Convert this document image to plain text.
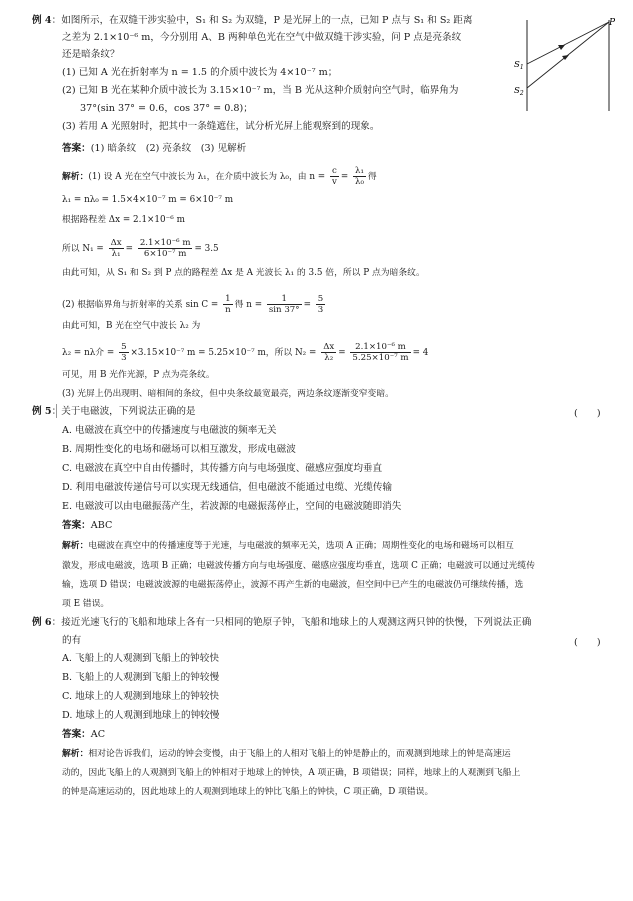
例 4：如图所示，在双缝干涉实验中，S₁ 和 S₂ 为双缝，P 是光屏上的一点，已知 P 点与 S₁ 和 S₂ 距离
之差为 2.1×10⁻⁶ m，今分别用 A、B 两种单色光在空气中做双缝干涉实验，问 P 点是亮条纹
还是暗条纹？
(1) 已知 A 光在折射率为 n = 1.5 的介质中波长为 4×10⁻⁷ m；
(2) 已知 B 光在某种介质中波长为 3.15×10⁻⁷ m，当 B 光从这种介质射向空气时，临界角为
37°(sin 37° = 0.6，cos 37° = 0.8)；
(3) 若用 A 光照射时，把其中一条缝遮住，试分析光屏上能观察到的现象。
P
$S_1$
$S_2$
答案：(1) 暗条纹　(2) 亮条纹　(3) 见解析
解析：(1) 设 A 光在空气中波长为 λ₁，在介质中波长为 λ₀，由 $n = \frac{c}{v} = \frac{\text{λ₁}}{\text{λ₀}}$ 得
λ₁ = nλ₀ = 1.5×4×10⁻⁷ m = 6×10⁻⁷ m
根据路程差 Δx = 2.1×10⁻⁶ m
所以 $N_1 = \frac{\Delta x}{\text{λ₁}} = \frac{\text{2.1×10⁻⁶ m}}{\text{6×10⁻⁷ m}} = 3.5$
由此可知，从 S₁ 和 S₂ 到 P 点的路程差 Δx 是 A 光波长 λ₁ 的 3.5 倍，所以 P 点为暗条纹。
(2) 根据临界角与折射率的关系 $\sin C = \frac{1}{n}$ 得 $n = \frac{1}{\sin 37^\circ} = \frac{5}{3}$
由此可知，B 光在空气中波长 λ₂ 为
λ₂ = nλ介 = $\frac{5}{3} \times 3.15\times 10^{-7}$ m = 5.25×10⁻⁷ m，所以 $N_2 = \frac{\Delta x}{\text{λ₂}} = \frac{\text{2.1×10⁻⁶ m}}{\text{5.25×10⁻⁷ m}} = 4$
可见，用 B 光作光源，P 点为亮条纹。
(3) 光屏上仍出现明、暗相间的条纹，但中央条纹最宽最亮，两边条纹逐渐变窄变暗。
例 5：关于电磁波，下列说法正确的是	(　　)
A. 电磁波在真空中的传播速度与电磁波的频率无关
B. 周期性变化的电场和磁场可以相互激发，形成电磁波
C. 电磁波在真空中自由传播时，其传播方向与电场强度、磁感应强度均垂直
D. 利用电磁波传递信号可以实现无线通信，但电磁波不能通过电缆、光缆传输
E. 电磁波可以由电磁振荡产生，若波源的电磁振荡停止，空间的电磁波随即消失
答案：ABC
解析：电磁波在真空中的传播速度等于光速，与电磁波的频率无关，选项 A 正确；周期性变化的电场和磁场可以相互
激发，形成电磁波，选项 B 正确；电磁波传播方向与电场强度、磁感应强度均垂直，选项 C 正确；电磁波可以通过光缆传
输，选项 D 错误；电磁波波源的电磁振荡停止，波源不再产生新的电磁波，但空间中已产生的电磁波仍可继续传播，选
项 E 错误。
例 6：接近光速飞行的飞船和地球上各有一只相同的铯原子钟，飞船和地球上的人观测这两只钟的快慢，下列说法正确
的有	(　　)
A. 飞船上的人观测到飞船上的钟较快
B. 飞船上的人观测到飞船上的钟较慢
C. 地球上的人观测到地球上的钟较快
D. 地球上的人观测到地球上的钟较慢
答案：AC
解析：相对论告诉我们，运动的钟会变慢，由于飞船上的人相对飞船上的钟是静止的，而观测到地球上的钟是高速运
动的，因此飞船上的人观测到飞船上的钟相对于地球上的钟快，A 项正确，B 项错误；同样，地球上的人观测到飞船上
的钟是高速运动的，因此地球上的人观测到地球上的钟比飞船上的钟快，C 项正确，D 项错误。
